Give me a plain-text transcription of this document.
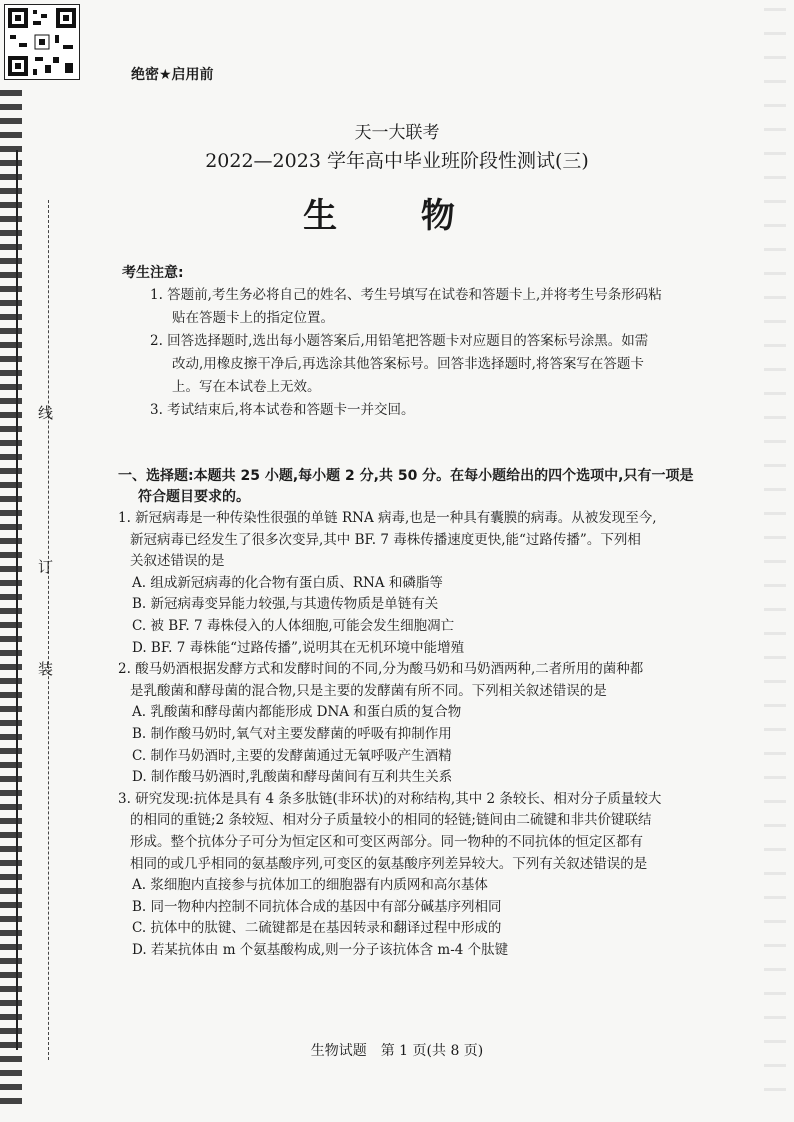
线
订
装
绝密★启用前
天一大联考
2022—2023 学年高中毕业班阶段性测试(三)
生 物
考生注意:
1. 答题前,考生务必将自己的姓名、考生号填写在试卷和答题卡上,并将考生号条形码粘
贴在答题卡上的指定位置。
2. 回答选择题时,选出每小题答案后,用铅笔把答题卡对应题目的答案标号涂黑。如需
改动,用橡皮擦干净后,再选涂其他答案标号。回答非选择题时,将答案写在答题卡
上。写在本试卷上无效。
3. 考试结束后,将本试卷和答题卡一并交回。
一、选择题:本题共 25 小题,每小题 2 分,共 50 分。在每小题给出的四个选项中,只有一项是
符合题目要求的。
1. 新冠病毒是一种传染性很强的单链 RNA 病毒,也是一种具有囊膜的病毒。从被发现至今,
新冠病毒已经发生了很多次变异,其中 BF. 7 毒株传播速度更快,能“过路传播”。下列相
关叙述错误的是
A. 组成新冠病毒的化合物有蛋白质、RNA 和磷脂等
B. 新冠病毒变异能力较强,与其遗传物质是单链有关
C. 被 BF. 7 毒株侵入的人体细胞,可能会发生细胞凋亡
D. BF. 7 毒株能“过路传播”,说明其在无机环境中能增殖
2. 酸马奶酒根据发酵方式和发酵时间的不同,分为酸马奶和马奶酒两种,二者所用的菌种都
是乳酸菌和酵母菌的混合物,只是主要的发酵菌有所不同。下列相关叙述错误的是
A. 乳酸菌和酵母菌内都能形成 DNA 和蛋白质的复合物
B. 制作酸马奶时,氧气对主要发酵菌的呼吸有抑制作用
C. 制作马奶酒时,主要的发酵菌通过无氧呼吸产生酒精
D. 制作酸马奶酒时,乳酸菌和酵母菌间有互利共生关系
3. 研究发现:抗体是具有 4 条多肽链(非环状)的对称结构,其中 2 条较长、相对分子质量较大
的相同的重链;2 条较短、相对分子质量较小的相同的轻链;链间由二硫键和非共价键联结
形成。整个抗体分子可分为恒定区和可变区两部分。同一物种的不同抗体的恒定区都有
相同的或几乎相同的氨基酸序列,可变区的氨基酸序列差异较大。下列有关叙述错误的是
A. 浆细胞内直接参与抗体加工的细胞器有内质网和高尔基体
B. 同一物种内控制不同抗体合成的基因中有部分碱基序列相同
C. 抗体中的肽键、二硫键都是在基因转录和翻译过程中形成的
D. 若某抗体由 m 个氨基酸构成,则一分子该抗体含 m-4 个肽键
生物试题　第 1 页(共 8 页)
